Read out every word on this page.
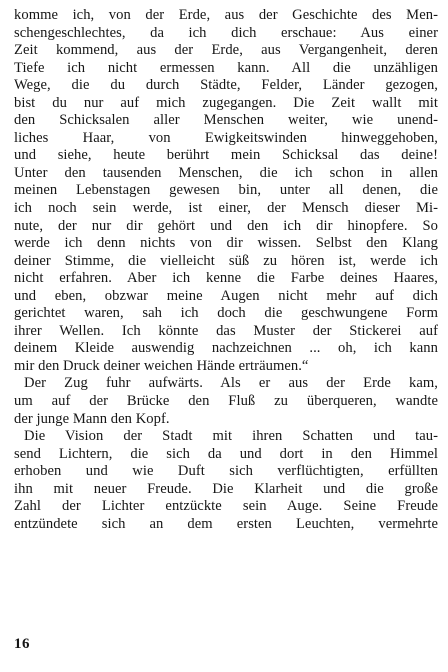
komme ich, von der Erde, aus der Geschichte des Men-
schengeschlechtes, da ich dich erschaue: Aus einer
Zeit kommend, aus der Erde, aus Vergangenheit, deren
Tiefe ich nicht ermessen kann. All die unzähligen
Wege, die du durch Städte, Felder, Länder gezogen,
bist du nur auf mich zugegangen. Die Zeit wallt mit
den Schicksalen aller Menschen weiter, wie unend-
liches Haar, von Ewigkeitswinden hinweggehoben,
und siehe, heute berührt mein Schicksal das deine!
Unter den tausenden Menschen, die ich schon in allen
meinen Lebenstagen gewesen bin, unter all denen, die
ich noch sein werde, ist einer, der Mensch dieser Mi-
nute, der nur dir gehört und den ich dir hinopfere. So
werde ich denn nichts von dir wissen. Selbst den Klang
deiner Stimme, die vielleicht süß zu hören ist, werde ich
nicht erfahren. Aber ich kenne die Farbe deines Haares,
und eben, obzwar meine Augen nicht mehr auf dich
gerichtet waren, sah ich doch die geschwungene Form
ihrer Wellen. Ich könnte das Muster der Stickerei auf
deinem Kleide auswendig nachzeichnen ... oh, ich kann
mir den Druck deiner weichen Hände erträumen.“
Der Zug fuhr aufwärts. Als er aus der Erde kam,
um auf der Brücke den Fluß zu überqueren, wandte
der junge Mann den Kopf.
Die Vision der Stadt mit ihren Schatten und tau-
send Lichtern, die sich da und dort in den Himmel
erhoben und wie Duft sich verflüchtigten, erfüllten
ihn mit neuer Freude. Die Klarheit und die große
Zahl der Lichter entzückte sein Auge. Seine Freude
entzündete sich an dem ersten Leuchten, vermehrte
16
